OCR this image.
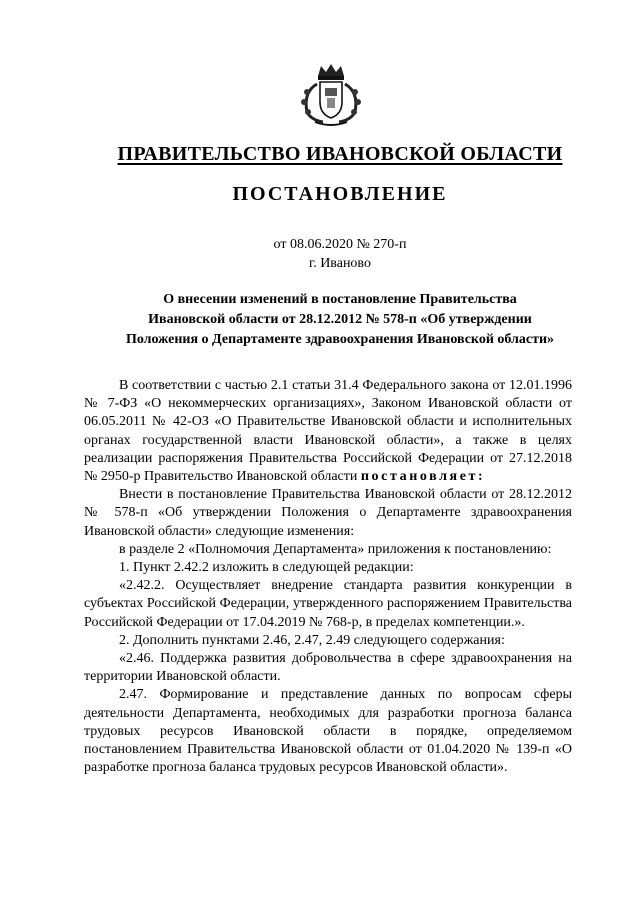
ПРАВИТЕЛЬСТВО ИВАНОВСКОЙ ОБЛАСТИ
ПОСТАНОВЛЕНИЕ
от 08.06.2020 № 270-п
г. Иваново
О внесении изменений в постановление Правительства
Ивановской области от 28.12.2012 № 578-п «Об утверждении
Положения о Департаменте здравоохранения Ивановской области»

В соответствии с частью 2.1 статьи 31.4 Федерального закона от 12.01.1996 № 7-ФЗ «О некоммерческих организациях», Законом Ивановской области от 06.05.2011 № 42-ОЗ «О Правительстве Ивановской области и исполнительных органах государственной власти Ивановской области», а также в целях реализации распоряжения Правительства Российской Федерации от 27.12.2018 № 2950-р Правительство Ивановской области постановляет:

Внести в постановление Правительства Ивановской области от 28.12.2012 № 578-п «Об утверждении Положения о Департаменте здравоохранения Ивановской области» следующие изменения:

в разделе 2 «Полномочия Департамента» приложения к постановлению:

1. Пункт 2.42.2 изложить в следующей редакции:

«2.42.2. Осуществляет внедрение стандарта развития конкуренции в субъектах Российской Федерации, утвержденного распоряжением Правительства Российской Федерации от 17.04.2019 № 768-р, в пределах компетенции.».

2. Дополнить пунктами 2.46, 2.47, 2.49 следующего содержания:

«2.46. Поддержка развития добровольчества в сфере здравоохранения на территории Ивановской области.

2.47. Формирование и представление данных по вопросам сферы деятельности Департамента, необходимых для разработки прогноза баланса трудовых ресурсов Ивановской области в порядке, определяемом постановлением Правительства Ивановской области от 01.04.2020 № 139-п «О разработке прогноза баланса трудовых ресурсов Ивановской области».
